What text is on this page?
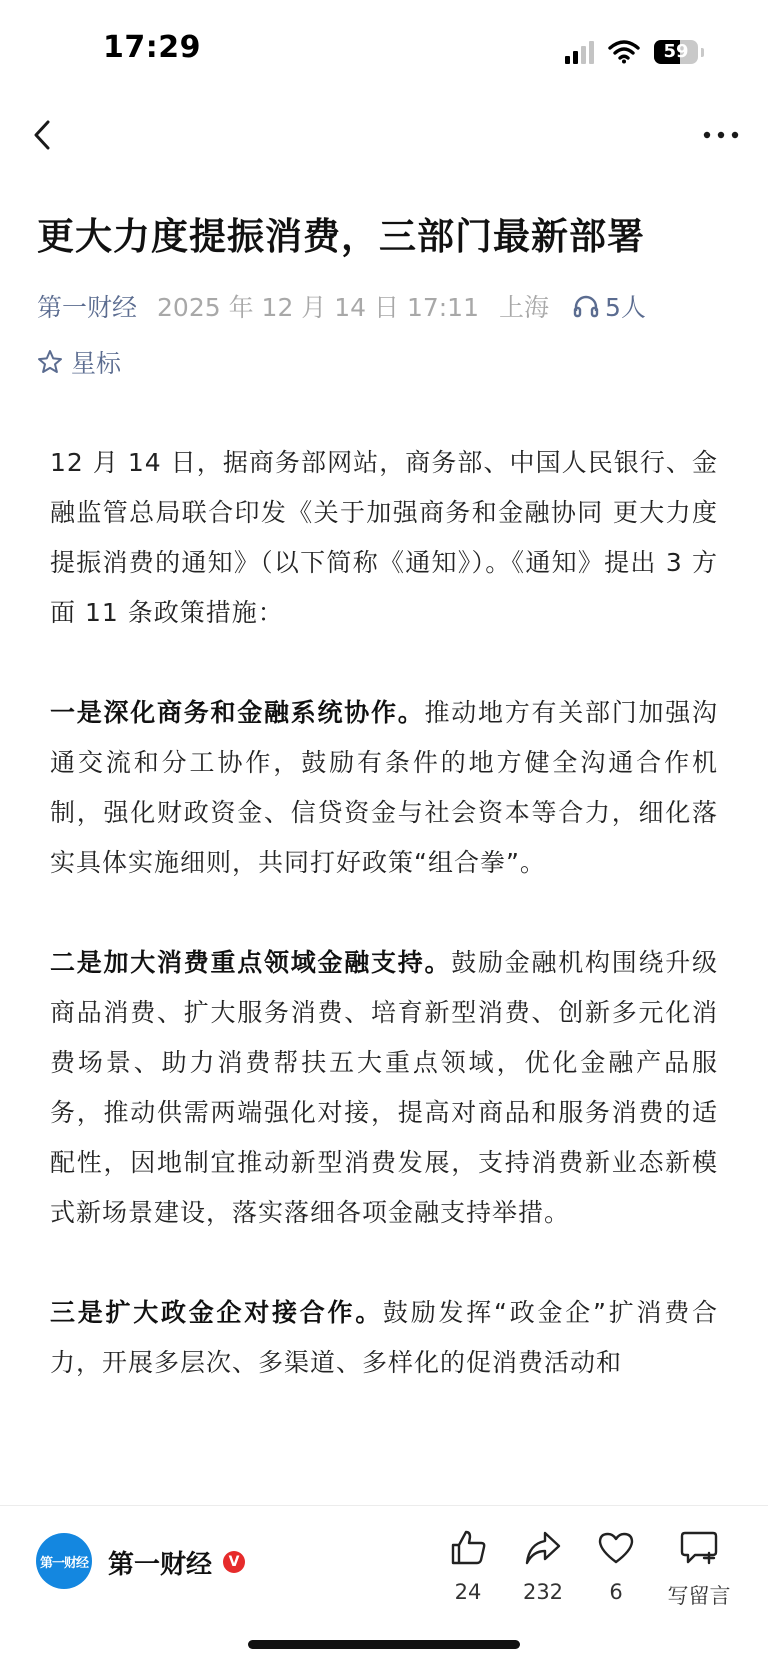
17:29	59
更大力度提振消费，三部门最新部署
第一财经 2025 年 12 月 14 日 17:11 上海 5人
星标

12 月 14 日，据商务部网站，商务部、中国人民银行、金融监管总局联合印发《关于加强商务和金融协同 更大力度提振消费的通知》（以下简称《通知》）。《通知》提出 3 方面 11 条政策措施：

一是深化商务和金融系统协作。推动地方有关部门加强沟通交流和分工协作，鼓励有条件的地方健全沟通合作机制，强化财政资金、信贷资金与社会资本等合力，细化落实具体实施细则，共同打好政策“组合拳”。

二是加大消费重点领域金融支持。鼓励金融机构围绕升级商品消费、扩大服务消费、培育新型消费、创新多元化消费场景、助力消费帮扶五大重点领域，优化金融产品服务，推动供需两端强化对接，提高对商品和服务消费的适配性，因地制宜推动新型消费发展，支持消费新业态新模式新场景建设，落实落细各项金融支持举措。

三是扩大政金企对接合作。鼓励发挥“政金企”扩消费合力，开展多层次、多渠道、多样化的促消费活动和

第一财经 第一财经	V
24	232	6	写留言
